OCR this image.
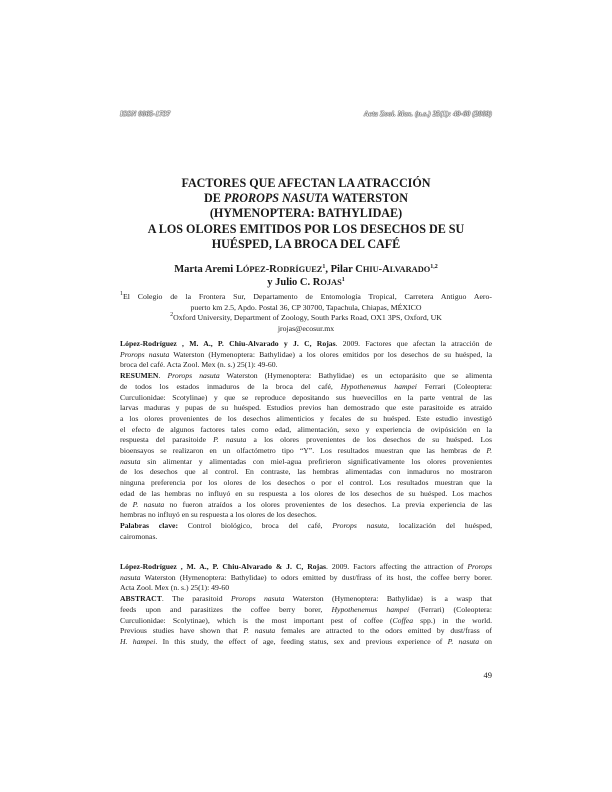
ISSN 0065-1737	Acta Zool. Mex. (n.s.) 25(1): 49-60 (2009)
FACTORES QUE AFECTAN LA ATRACCIÓN
DE PROROPS NASUTA WATERSTON
(HYMENOPTERA: BATHYLIDAE)
A LOS OLORES EMITIDOS POR LOS DESECHOS DE SU
HUÉSPED, LA BROCA DEL CAFÉ
Marta Aremi LÓPEZ-RODRÍGUEZ$^1$, Pilar CHIU-ALVARADO$^{1,2}$
y Julio C. ROJAS$^1$
$^1$El Colegio de la Frontera Sur, Departamento de Entomología Tropical, Carretera Antiguo Aero-
puerto km 2.5, Apdo. Postal 36, CP 30700, Tapachula, Chiapas, MÉXICO
$^2$Oxford University, Department of Zoology, South Parks Road, OX1 3PS, Oxford, UK
jrojas@ecosur.mx
López-Rodríguez , M. A., P. Chiu-Alvarado y J. C, Rojas. 2009. Factores que afectan la atracción de
Prorops nasuta Waterston (Hymenoptera: Bathylidae) a los olores emitidos por los desechos de su huésped, la
broca del café. Acta Zool. Mex (n. s.) 25(1): 49-60.
RESUMEN. Prorops nasuta Waterston (Hymenoptera: Bathylidae) es un ectoparásito que se alimenta
de todos los estados inmaduros de la broca del café, Hypothenemus hampei Ferrari (Coleoptera:
Curculionidae: Scotylinae) y que se reproduce depositando sus huevecillos en la parte ventral de las
larvas maduras y pupas de su huésped. Estudios previos han demostrado que este parasitoide es atraído
a los olores provenientes de los desechos alimenticios y fecales de su huésped. Este estudio investigó
el efecto de algunos factores tales como edad, alimentación, sexo y experiencia de ovipósición en la
respuesta del parasitoide P. nasuta a los olores provenientes de los desechos de su huésped. Los
bioensayos se realizaron en un olfactómetro tipo “Y”. Los resultados muestran que las hembras de P.
nasuta sin alimentar y alimentadas con miel-agua prefirieron significativamente los olores provenientes
de los desechos que al control. En contraste, las hembras alimentadas con inmaduros no mostraron
ninguna preferencia por los olores de los desechos o por el control. Los resultados muestran que la
edad de las hembras no influyó en su respuesta a los olores de los desechos de su huésped. Los machos
de P. nasuta no fueron atraídos a los olores provenientes de los desechos. La previa experiencia de las
hembras no influyó en su respuesta a los olores de los desechos.
Palabras clave: Control biológico, broca del café, Prorops nasuta, localización del huésped,
cairomonas.
López-Rodríguez , M. A., P. Chiu-Alvarado & J. C, Rojas. 2009. Factors affecting the attraction of Prorops
nasuta Waterston (Hymenoptera: Bathylidae) to odors emitted by dust/frass of its host, the coffee berry borer.
Acta Zool. Mex (n. s.) 25(1): 49-60
ABSTRACT. The parasitoid Prorops nasuta Waterston (Hymenoptera: Bathylidae) is a wasp that
feeds upon and parasitizes the coffee berry borer, Hypothenemus hampei (Ferrari) (Coleoptera:
Curculionidae: Scolytinae), which is the most important pest of coffee (Coffea spp.) in the world.
Previous studies have shown that P. nasuta females are attracted to the odors emitted by dust/frass of
H. hampei. In this study, the effect of age, feeding status, sex and previous experience of P. nasuta on
49
